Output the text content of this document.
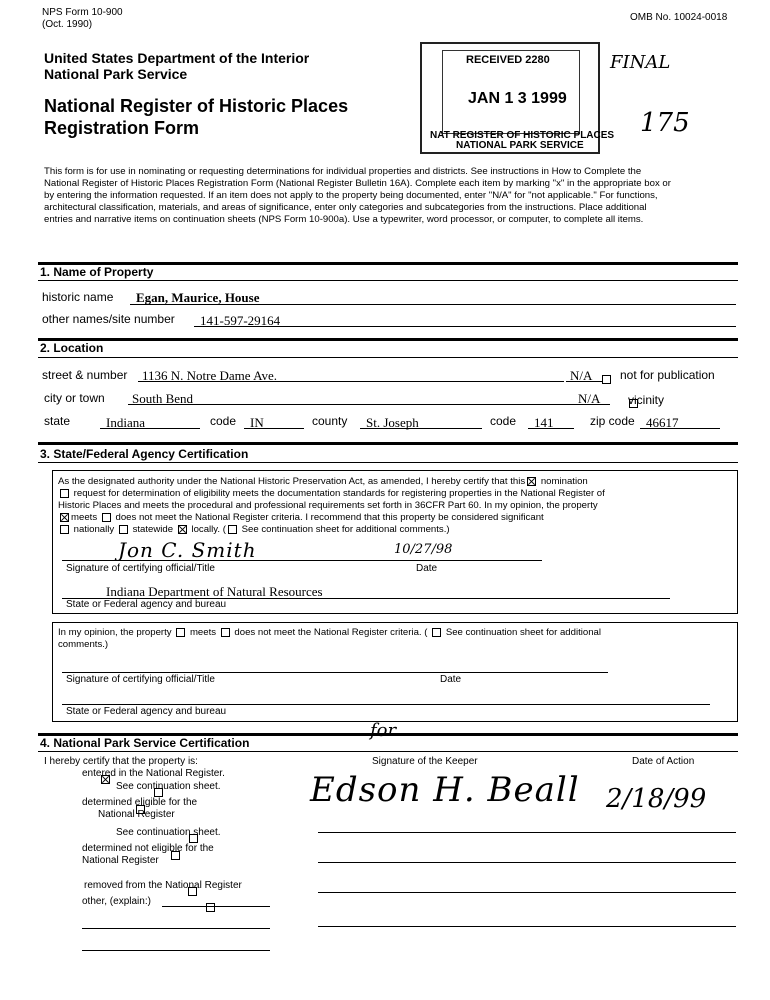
NPS Form 10-900
(Oct. 1990)
OMB No. 10024-0018
United States Department of the Interior
National Park Service
National Register of Historic Places
Registration Form
RECEIVED 2280
JAN 1 3 1999
NAT REGISTER OF HISTORIC PLACES
NATIONAL PARK SERVICE
FINAL
175
This form is for use in nominating or requesting determinations for individual properties and districts. See instructions in How to Complete the
National Register of Historic Places Registration Form (National Register Bulletin 16A). Complete each item by marking "x" in the appropriate box or
by entering the information requested. If an item does not apply to the property being documented, enter "N/A" for "not applicable." For functions,
architectural classification, materials, and areas of significance, enter only categories and subcategories from the instructions. Place additional
entries and narrative items on continuation sheets (NPS Form 10-900a). Use a typewriter, word processor, or computer, to complete all items.
1. Name of Property
historic name Egan, Maurice, House
other names/site number 141-597-29164
2. Location
street & number 1136 N. Notre Dame Ave.	N/A
not for publication
city or town South Bend	N/A
vicinity
state	Indiana	code IN	county St. Joseph	code 141	zip code 46617
3. State/Federal Agency Certification
As the designated authority under the National Historic Preservation Act, as amended, I hereby certify that this nomination
request for determination of eligibility meets the documentation standards for registering properties in the National Register of
Historic Places and meets the procedural and professional requirements set forth in 36CFR Part 60. In my opinion, the property
meets does not meet the National Register criteria. I recommend that this property be considered significant
nationally statewide locally. ( See continuation sheet for additional comments.)
Jon C. Smith	10/27/98
Signature of certifying official/Title	Date
Indiana Department of Natural Resources
State or Federal agency and bureau
In my opinion, the property meets does not meet the National Register criteria. ( See continuation sheet for additional
comments.)
Signature of certifying official/Title	Date
State or Federal agency and bureau
4. National Park Service Certification
for
I hereby certify that the property is:

entered in the National Register.

See continuation sheet.

determined eligible for the
National Register

See continuation sheet.

determined not eligible for the
National Register

removed from the National Register
other, (explain:)
Signature of the Keeper	Date of Action
Edson H. Beall 2/18/99
